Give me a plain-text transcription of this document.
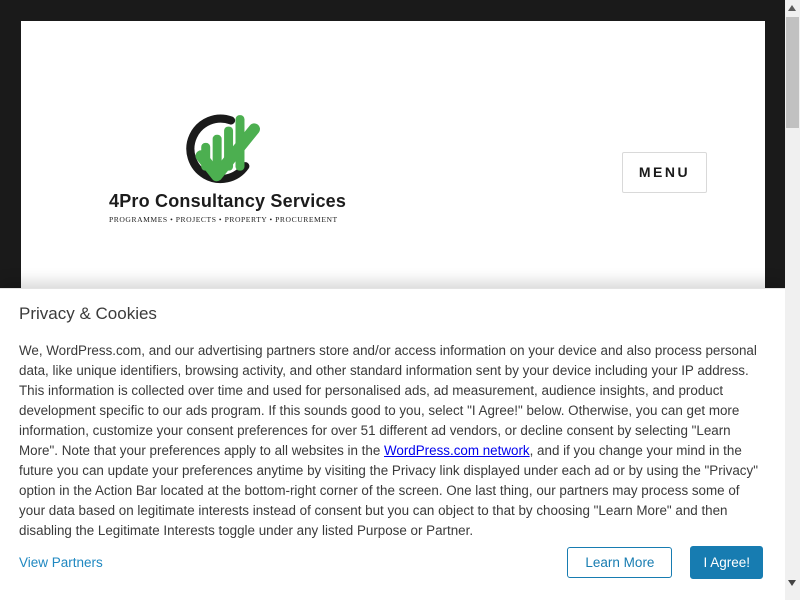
4Pro Consultancy Services
PROGRAMMES • PROJECTS • PROPERTY • PROCUREMENT
MENU
Privacy & Cookies
We, WordPress.com, and our advertising partners store and/or access information on your device and also process personal data, like unique identifiers, browsing activity, and other standard information sent by your device including your IP address. This information is collected over time and used for personalised ads, ad measurement, audience insights, and product development specific to our ads program. If this sounds good to you, select "I Agree!" below. Otherwise, you can get more information, customize your consent preferences for over 51 different ad vendors, or decline consent by selecting "Learn More". Note that your preferences apply to all websites in the WordPress.com network, and if you change your mind in the future you can update your preferences anytime by visiting the Privacy link displayed under each ad or by using the "Privacy" option in the Action Bar located at the bottom-right corner of the screen. One last thing, our partners may process some of your data based on legitimate interests instead of consent but you can object to that by choosing "Learn More" and then disabling the Legitimate Interests toggle under any listed Purpose or Partner.
View Partners	Learn More	I Agree!
